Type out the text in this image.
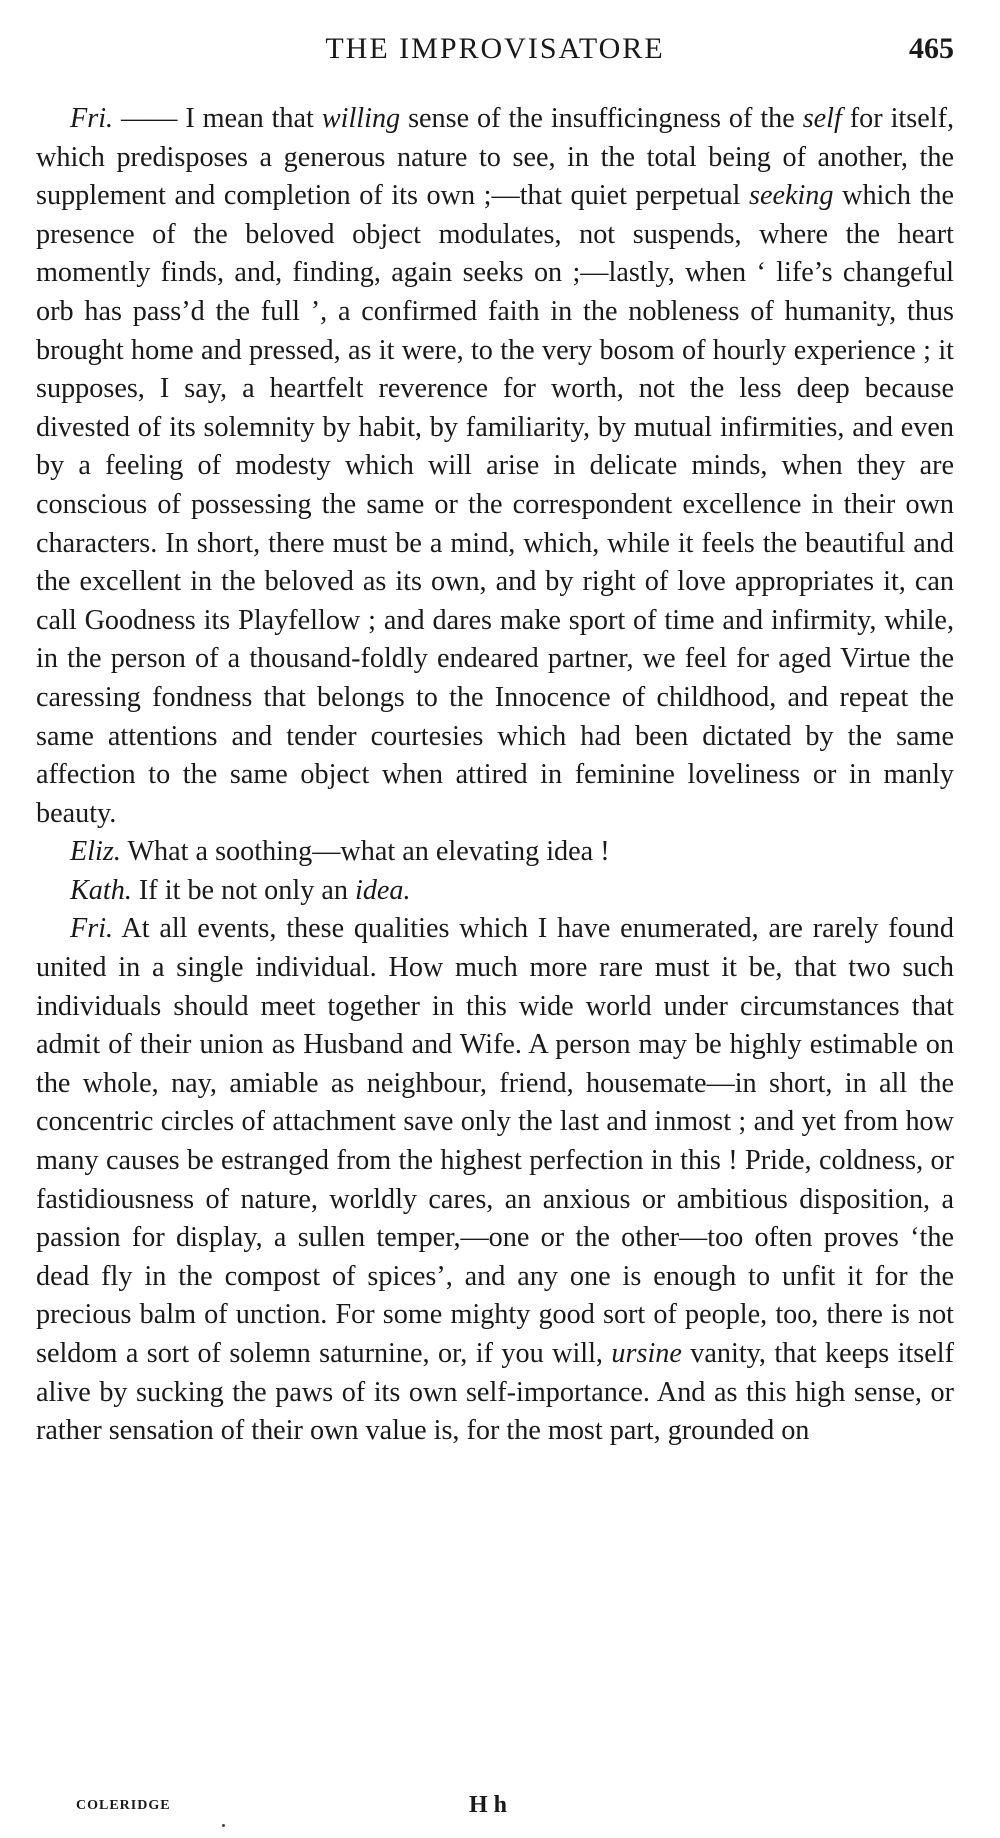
THE IMPROVISATORE	465

Fri. —— I mean that willing sense of the insufficingness of the self for itself, which predisposes a generous nature to see, in the total being of another, the supplement and completion of its own ;—that quiet perpetual seeking which the presence of the beloved object modulates, not suspends, where the heart momently finds, and, finding, again seeks on ;—lastly, when ‘ life’s changeful orb has pass’d the full ’, a confirmed faith in the nobleness of humanity, thus brought home and pressed, as it were, to the very bosom of hourly experience ; it supposes, I say, a heartfelt reverence for worth, not the less deep because divested of its solemnity by habit, by familiarity, by mutual infirmities, and even by a feeling of modesty which will arise in delicate minds, when they are conscious of possessing the same or the correspondent excellence in their own characters. In short, there must be a mind, which, while it feels the beautiful and the excellent in the beloved as its own, and by right of love appropriates it, can call Goodness its Playfellow ; and dares make sport of time and infirmity, while, in the person of a thousand-foldly endeared partner, we feel for aged Virtue the caressing fondness that belongs to the Innocence of childhood, and repeat the same attentions and tender courtesies which had been dictated by the same affection to the same object when attired in feminine loveliness or in manly beauty.

Eliz. What a soothing—what an elevating idea !

Kath. If it be not only an idea.

Fri. At all events, these qualities which I have enumerated, are rarely found united in a single individual. How much more rare must it be, that two such individuals should meet together in this wide world under circumstances that admit of their union as Husband and Wife. A person may be highly estimable on the whole, nay, amiable as neighbour, friend, housemate—in short, in all the concentric circles of attachment save only the last and inmost ; and yet from how many causes be estranged from the highest perfection in this ! Pride, coldness, or fastidiousness of nature, worldly cares, an anxious or ambitious disposition, a passion for display, a sullen temper,—one or the other—too often proves ‘the dead fly in the compost of spices’, and any one is enough to unfit it for the precious balm of unction. For some mighty good sort of people, too, there is not seldom a sort of solemn saturnine, or, if you will, ursine vanity, that keeps itself alive by sucking the paws of its own self-importance. And as this high sense, or rather sensation of their own value is, for the most part, grounded on

COLERIDGE	H h
